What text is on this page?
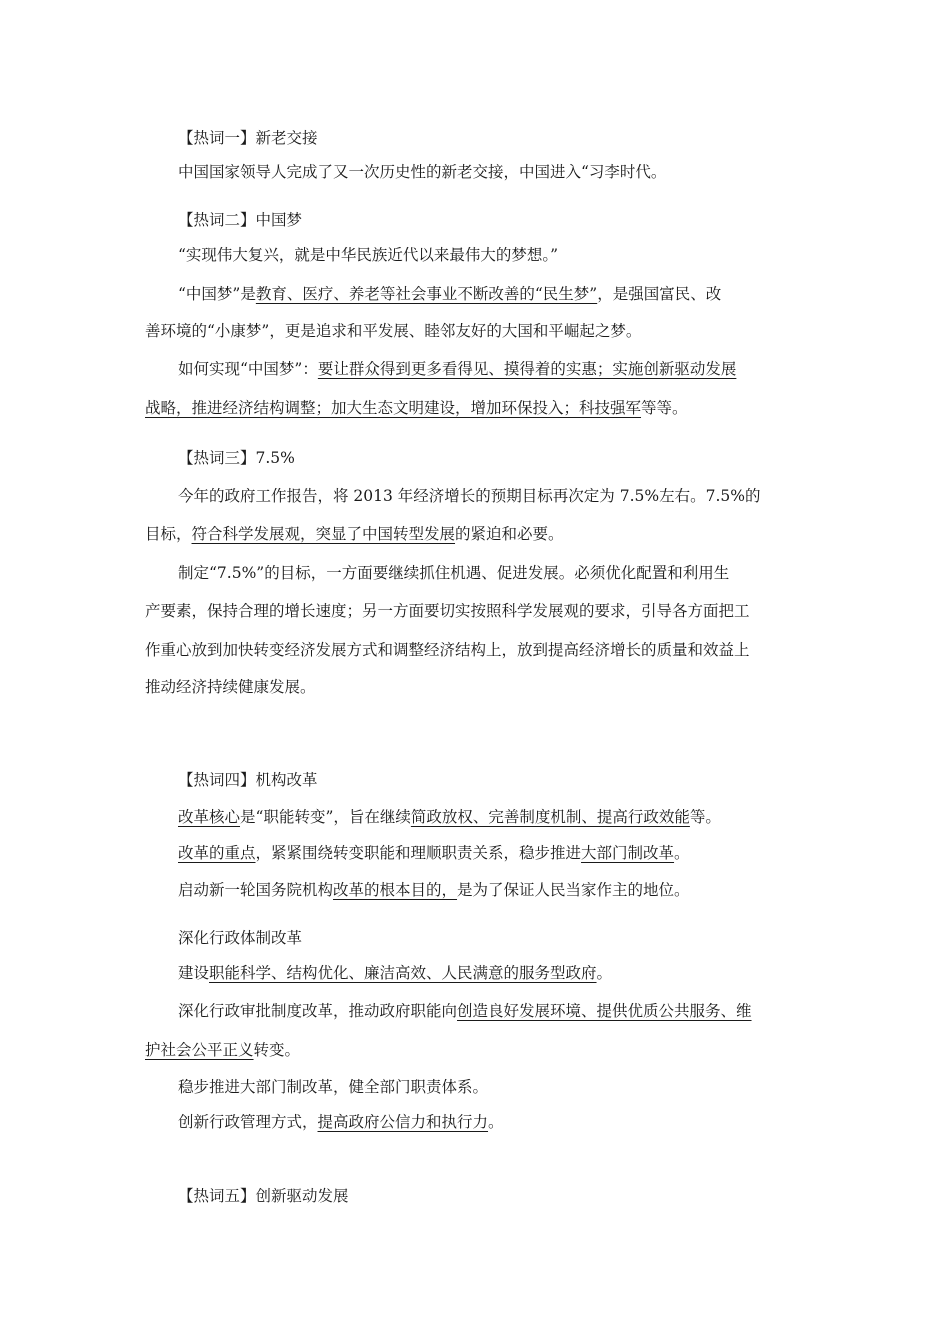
【热词一】新老交接
中国国家领导人完成了又一次历史性的新老交接，中国进入“习李时代。
【热词二】中国梦
“实现伟大复兴，就是中华民族近代以来最伟大的梦想。”
“中国梦”是教育、医疗、养老等社会事业不断改善的“民生梦”，是强国富民、改
善环境的“小康梦”，更是追求和平发展、睦邻友好的大国和平崛起之梦。
如何实现“中国梦”：要让群众得到更多看得见、摸得着的实惠；实施创新驱动发展
战略，推进经济结构调整；加大生态文明建设，增加环保投入；科技强军等等。
【热词三】7.5%
今年的政府工作报告，将 2013 年经济增长的预期目标再次定为 7.5%左右。7.5%的
目标，符合科学发展观，突显了中国转型发展的紧迫和必要。
制定“7.5%”的目标，一方面要继续抓住机遇、促进发展。必须优化配置和利用生
产要素，保持合理的增长速度；另一方面要切实按照科学发展观的要求，引导各方面把工
作重心放到加快转变经济发展方式和调整经济结构上，放到提高经济增长的质量和效益上
推动经济持续健康发展。
【热词四】机构改革
改革核心是“职能转变”，旨在继续简政放权、完善制度机制、提高行政效能等。
改革的重点，紧紧围绕转变职能和理顺职责关系，稳步推进大部门制改革。
启动新一轮国务院机构改革的根本目的，是为了保证人民当家作主的地位。
深化行政体制改革
建设职能科学、结构优化、廉洁高效、人民满意的服务型政府。
深化行政审批制度改革，推动政府职能向创造良好发展环境、提供优质公共服务、维
护社会公平正义转变。
稳步推进大部门制改革，健全部门职责体系。
创新行政管理方式，提高政府公信力和执行力。
【热词五】创新驱动发展
